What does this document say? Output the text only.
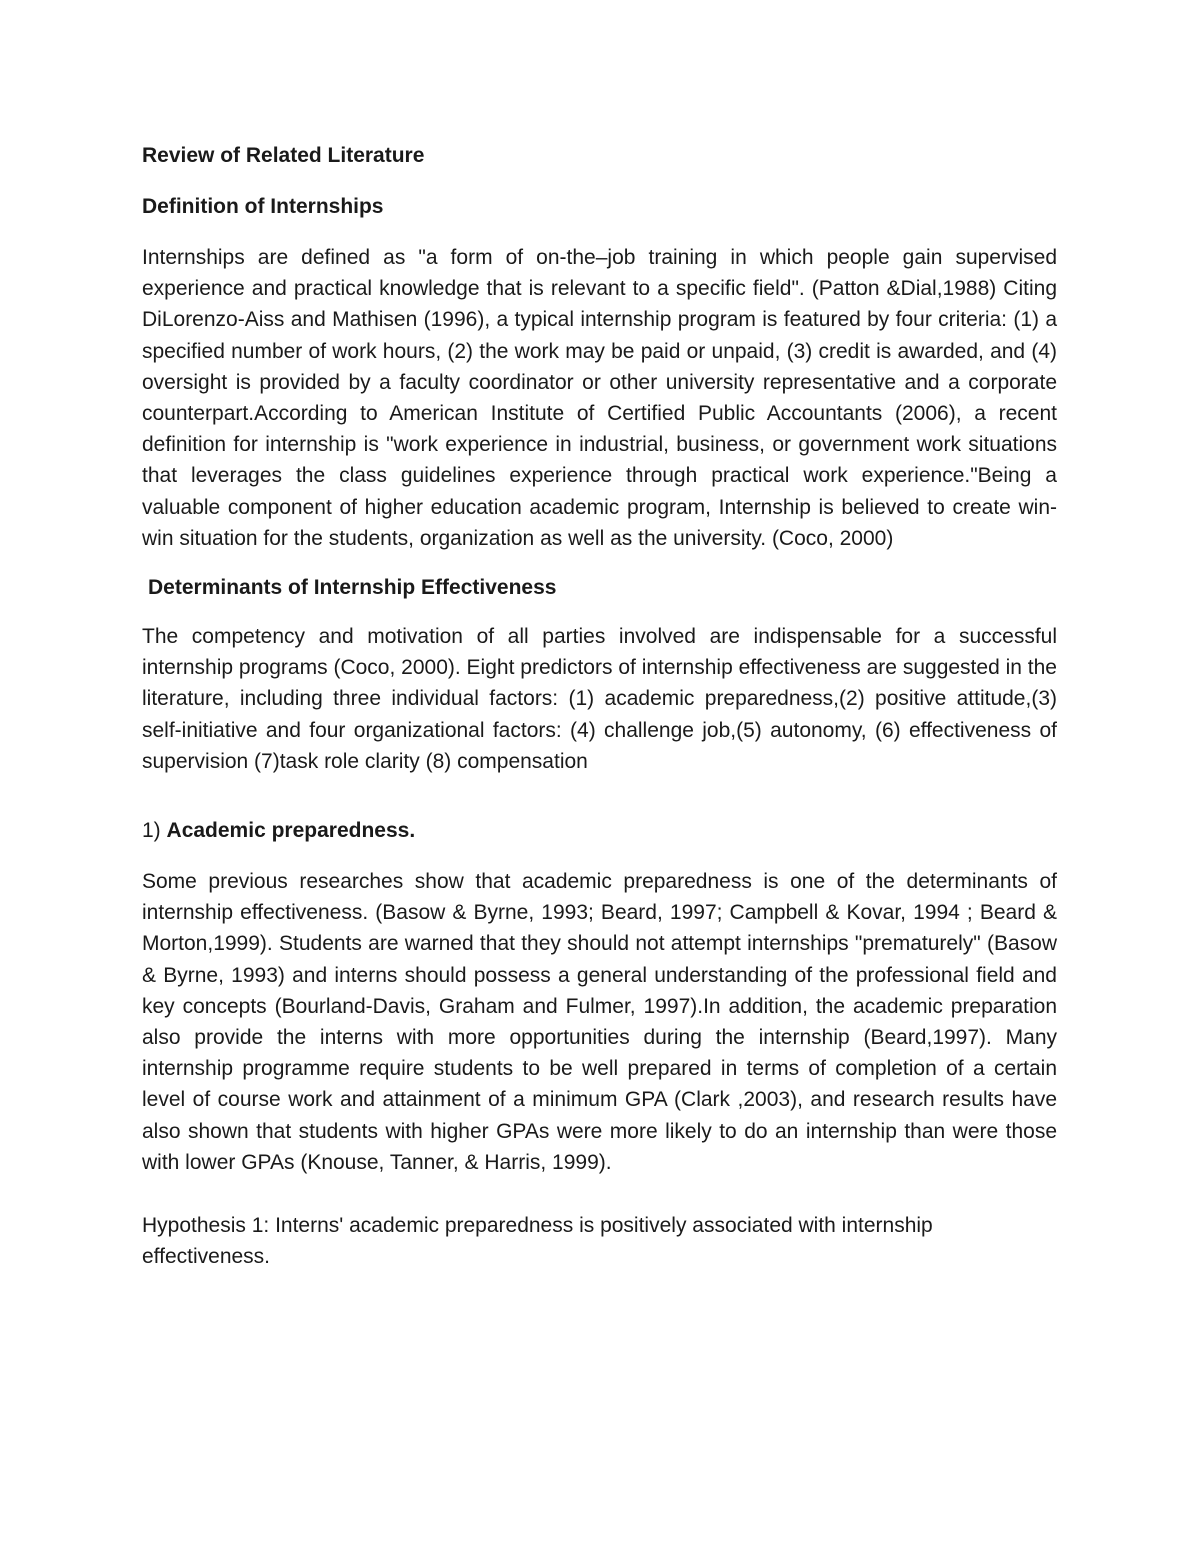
Review of Related Literature
Definition of Internships

Internships are defined as "a form of on-the–job training in which people gain supervised experience and practical knowledge that is relevant to a specific field". (Patton &Dial,1988) Citing DiLorenzo-Aiss and Mathisen (1996), a typical internship program is featured by four criteria: (1) a specified number of work hours, (2) the work may be paid or unpaid, (3) credit is awarded, and (4) oversight is provided by a faculty coordinator or other university representative and a corporate counterpart.According to American Institute of Certified Public Accountants (2006), a recent definition for internship is "work experience in industrial, business, or government work situations that leverages the class guidelines experience through practical work experience."Being a valuable component of higher education academic program, Internship is believed to create win-win situation for the students, organization as well as the university. (Coco, 2000)

Determinants of Internship Effectiveness

The competency and motivation of all parties involved are indispensable for a successful internship programs (Coco, 2000). Eight predictors of internship effectiveness are suggested in the literature, including three individual factors: (1) academic preparedness,(2) positive attitude,(3) self-initiative and four organizational factors: (4) challenge job,(5) autonomy, (6) effectiveness of supervision (7)task role clarity (8) compensation

1) Academic preparedness.

Some previous researches show that academic preparedness is one of the determinants of internship effectiveness. (Basow & Byrne, 1993; Beard, 1997; Campbell & Kovar, 1994 ; Beard & Morton,1999). Students are warned that they should not attempt internships "prematurely" (Basow & Byrne, 1993) and interns should possess a general understanding of the professional field and key concepts (Bourland-Davis, Graham and Fulmer, 1997).In addition, the academic preparation also provide the interns with more opportunities during the internship (Beard,1997). Many internship programme require students to be well prepared in terms of completion of a certain level of course work and attainment of a minimum GPA (Clark ,2003), and research results have also shown that students with higher GPAs were more likely to do an internship than were those with lower GPAs (Knouse, Tanner, & Harris, 1999).

Hypothesis 1: Interns' academic preparedness is positively associated with internship effectiveness.
